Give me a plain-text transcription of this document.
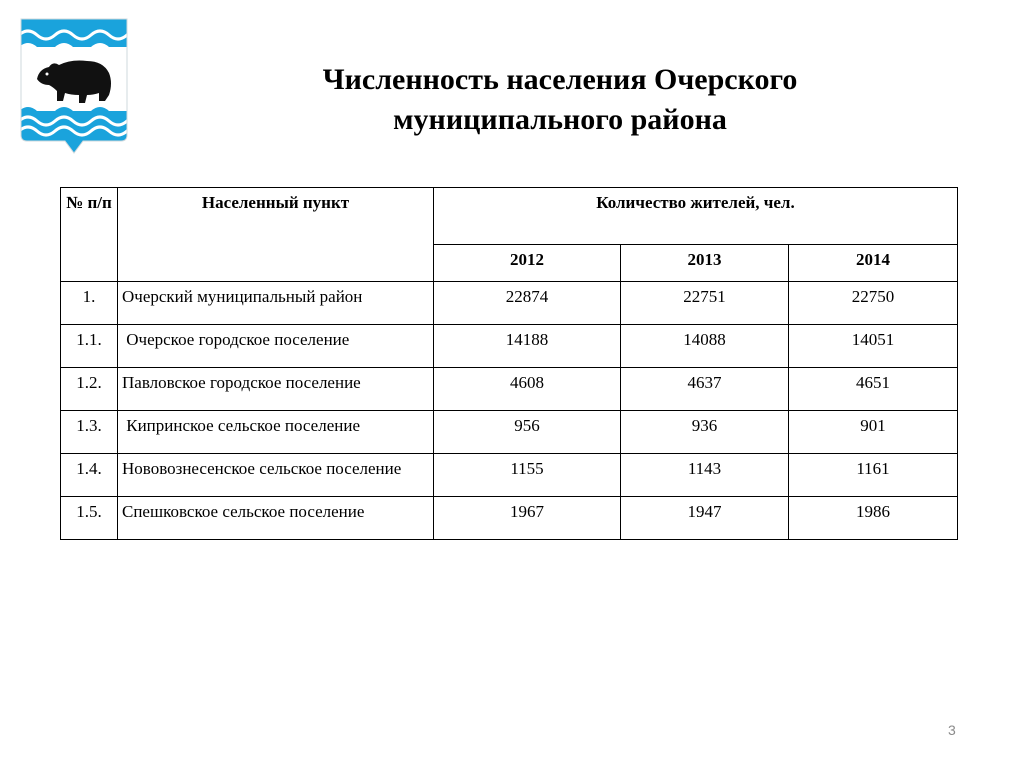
Численность населения Очерского
муниципального района
№ п/п	Населенный пункт	Количество жителей, чел.		
		2012	2013	2014
1.	Очерский муниципальный район	22874	22751	22750
1.1.	Очерское городское поселение	14188	14088	14051
1.2.	Павловское городское поселение	4608	4637	4651
1.3.	Кипринское сельское поселение	956	936	901
1.4.	Нововознесенское сельское поселение	1155	1143	1161
1.5.	Спешковское сельское поселение	1967	1947	1986
3
